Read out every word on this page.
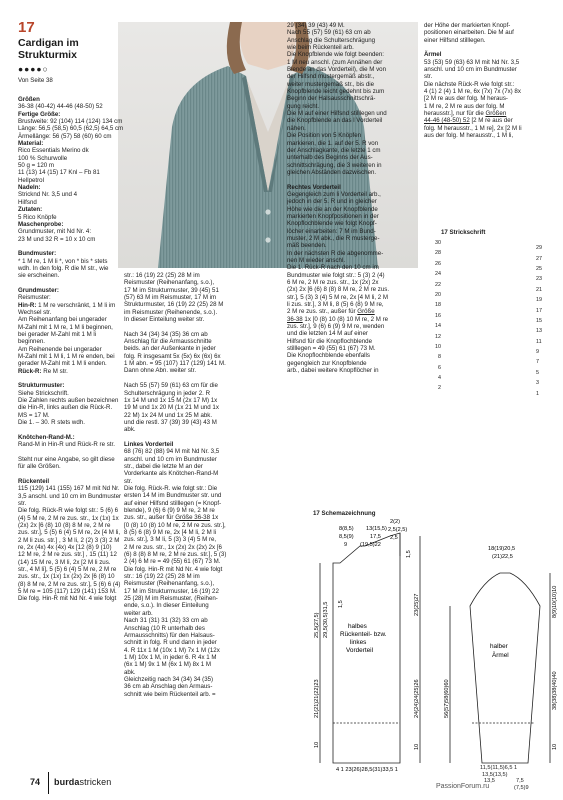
17
Cardigan im
Strukturmix
●●●●○
Von Seite 38

Größen

36-38 (40-42) 44-46 (48-50) 52

Fertige Größe:

Brustweite: 92 (104) 114 (124) 134 cm

Länge: 56,5 (58,5) 60,5 (62,5) 64,5 cm

Ärmellänge: 56 (57) 58 (60) 60 cm

Material:

Rico Essentials Merino dk

100 % Schurwolle

50 g = 120 m

11 (13) 14 (15) 17 Knl – Fb 81

Hellpetrol

Nadeln:

Stricknd Nr. 3,5 und 4

Hilfsnd

Zutaten:

5 Rico Knöpfe

Maschenprobe:

Grundmuster, mit Nd Nr. 4:

23 M und 32 R = 10 x 10 cm

Bundmuster:

* 1 M re, 1 M li *, von * bis * stets

wdh. In den folg. R die M str., wie

sie erscheinen.

Grundmuster:

Reismuster:

Hin-R: 1 M re verschränkt, 1 M li im

Wechsel str.

Am Reihenanfang bei ungerader

M-Zahl mit 1 M re, 1 M li beginnen,

bei gerader M-Zahl mit 1 M li

beginnen.

Am Reihenende bei ungerader

M-Zahl mit 1 M li, 1 M re enden, bei

gerader M-Zahl mit 1 M li enden.

Rück-R: Re M str.

Strukturmuster:

Siehe Strickschrift.

Die Zahlen rechts außen bezeichnen

die Hin-R, links außen die Rück-R.

MS = 17 M.

Die 1. – 30. R stets wdh.

Knötchen-Rand-M.:

Rand-M in Hin-R und Rück-R re str.

Steht nur eine Angabe, so gilt diese

für alle Größen.

Rückenteil

115 (129) 141 (155) 167 M mit Nd Nr.

3,5 anschl. und 10 cm im Bundmuster

str.

Die folg. Rück-R wie folgt str.: 5 (6) 6

(4) 5 M re, 2 M re zus. str., 1x (1x) 1x

(2x) 2x [6 (8) 10 (8) 8 M re, 2 M re

zus. str.], 5 (5) 6 (4) 5 M re, 2x [4 M li,

2 M li zus. str.] , 3 M li, 2 (2) 3 (3) 2 M

re, 2x (4x) 4x (4x) 4x [12 (8) 9 (10)

12 M re, 2 M re zus. str.] , 15 (11) 12

(14) 15 M re, 3 M li, 2x [2 M li zus.

str., 4 M li], 5 (5) 6 (4) 5 M re, 2 M re

zus. str., 1x (1x) 1x (2x) 2x [6 (8) 10

(8) 8 M re, 2 M re zus. str.], 5 (6) 6 (4)

5 M re = 105 (117) 129 (141) 153 M.

Die folg. Hin-R mit Nd Nr. 4 wie folgt

str.: 16 (19) 22 (25) 28 M im

Reismuster (Reihenanfang, s.o.),

17 M im Strukturmuster, 39 (45) 51

(57) 63 M im Reismuster, 17 M im

Strukturmuster, 16 (19) 22 (25) 28 M

im Reismuster (Reihenende, s.o.).

In dieser Einteilung weiter str.

Nach 34 (34) 34 (35) 36 cm ab

Anschlag für die Armausschnitte

beids. an der Außenkante in jeder

folg. R insgesamt 5x (5x) 6x (6x) 6x

1 M abn. = 95 (107) 117 (129) 141 M.

Dann ohne Abn. weiter str.

Nach 55 (57) 59 (61) 63 cm für die

Schulterschrägung in jeder 2. R

1x 14 M und 1x 15 M (2x 17 M) 1x

19 M und 1x 20 M (1x 21 M und 1x

22 M) 1x 24 M und 1x 25 M abk.

und die restl. 37 (39) 39 (43) 43 M

abk.

Linkes Vorderteil

68 (76) 82 (88) 94 M mit Nd Nr. 3,5

anschl. und 10 cm im Bundmuster

str., dabei die letzte M an der

Vorderkante als Knötchen-Rand-M

str.

Die folg. Rück-R. wie folgt str.: Die

ersten 14 M im Bundmuster str. und

auf einer Hilfsnd stilllegen (= Knopf-

blende), 9 (6) 6 (9) 9 M re, 2 M re

zus. str., außer für Größe 36-38 1x

[0 (8) 10 (8) 10 M re, 2 M re zus. str.],

8 (5) 6 (8) 9 M re, 2x [4 M li, 2 M li

zus. str.], 3 M li, 5 (3) 3 (4) 5 M re,

2 M re zus. str., 1x (2x) 2x (2x) 2x [6

(6) 8 (8) 8 M re, 2 M re zus. str.], 5 (3)

2 (4) 6 M re = 49 (55) 61 (67) 73 M.

Die folg. Hin-R mit Nd Nr. 4 wie folgt

str.: 16 (19) 22 (25) 28 M im

Reismuster (Reihenanfang, s.o.),

17 M im Strukturmuster, 16 (19) 22

25 (28) M im Reismuster, (Reihen-

ende, s.o.). In dieser Einteilung

weiter arb.

Nach 31 (31) 31 (32) 33 cm ab

Anschlag (10 R unterhalb des

Armausschnitts) für den Halsaus-

schnitt in folg. R und dann in jeder

4. R 11x 1 M (10x 1 M) 7x 1 M (12x

1 M) 10x 1 M, in jeder 6. R 4x 1 M

(6x 1 M) 9x 1 M (6x 1 M) 8x 1 M

abk.

Gleichzeitig nach 34 (34) 34 (35)

36 cm ab Anschlag den Armaus-

schnitt wie beim Rückenteil arb. =

29 (34) 39 (43) 49 M.

Nach 55 (57) 59 (61) 63 cm ab

Anschlag die Schulterschrägung

wie beim Rückenteil arb.

Die Knopfblende wie folgt beenden:

1 M neu anschl. (zum Annähen der

Blende an das Vorderteil), die M von

der Hilfsnd mustergemäß abstr.,

weiter mustergemäß str., bis die

Knopfblende leicht gedehnt bis zum

Beginn der Halsausschnittschrä-

gung reicht.

Die M auf einer Hilfsnd stilllegen und

die Knopfblende an das l Vorderteil

nähen.

Die Position von 5 Knöpfen

markieren, die 1. auf der 5. R von

der Anschlagkante, die letzte 1 cm

unterhalb des Beginns der Aus-

schnittschrägung, die 3 weiteren in

gleichen Abständen dazwischen.

Rechtes Vorderteil

Gegengleich zum li Vorderteil arb.,

jedoch in der 5. R und in gleicher

Höhe wie die an der Knopfblende

markierten Knopfpositionen in der

Knopflochblende wie folgt Knopf-

löcher einarbeiten: 7 M im Bund-

muster, 2 M abk., die R musterge-

mäß beenden.

In der nächsten R die abgenomme-

nen M wieder anschl.

Die 1. Rück-R nach den 10 cm im

Bundmuster wie folgt str.: 5 (3) 2 (4)

6 M re, 2 M re zus. str., 1x (2x) 2x

(2x) 2x [6 (6) 8 (8) 8 M re, 2 M re zus.

str.], 5 (3) 3 (4) 5 M re, 2x [4 M li, 2 M

li zus. str.], 3 M li, 8 (5) 6 (8) 9 M re,

2 M re zus. str., außer für Größe

36-38 1x [0 (8) 10 (8) 10 M re, 2 M re

zus. str.], 9 (6) 6 (9) 9 M re, wenden

und die letzten 14 M auf einer

Hilfsnd für die Knopflochblende

stilllegen = 49 (55) 61 (67) 73 M.

Die Knopflochblende ebenfalls

gegengleich zur Knopfblende

arb., dabei weitere Knopflöcher in

der Höhe der markierten Knopf-

positionen einarbeiten. Die M auf

einer Hilfsnd stilllegen.

Ärmel

53 (53) 59 (63) 63 M mit Nd Nr. 3,5

anschl. und 10 cm im Bundmuster

str.

Die nächste Rück-R wie folgt str.:

4 (1) 2 (4) 1 M re, 6x (7x) 7x (7x) 8x

[2 M re aus der folg. M heraus-

1 M re, 2 M re aus der folg. M

herausstr.], nur für die Größen

44-46 (48-50) 52 [2 M re aus der

folg. M herausstr., 1 M re], 2x [2 M li

aus der folg. M herausstr., 1 M li,

17 Strickschrift
30
28
26
24
22
20
18
16
14
12
10
8
6
4
2
29
27
25
23
21
19
17
15
13
11
9
7
5
3
1
17 Schemazeichnung
halbes
Rückenteil- bzw.
linkes
Vorderteil
halber
Ärmel
8(8,5) 13(15,5)
2(2)
8,5(9)	17,5
2,5(2,5)
9 (19,5)22
2,5
1,5
25,5(27,5) 29,5(30,5)31,5
21(21)21(22)23
10
23(25)27
24(24)24(25)26
10
4 1 23(26)28,5(31)33,5 1
1,5
18(19)20,5
(21)22,5
56(57)58(60)60
8(9)10(10)10
38(38)38(40)40
10
11,5(11,5)6,5 1
13,5(13,5)
13,5	7,5
(7,5)9
74 burdastricken	PassionForum.ru
